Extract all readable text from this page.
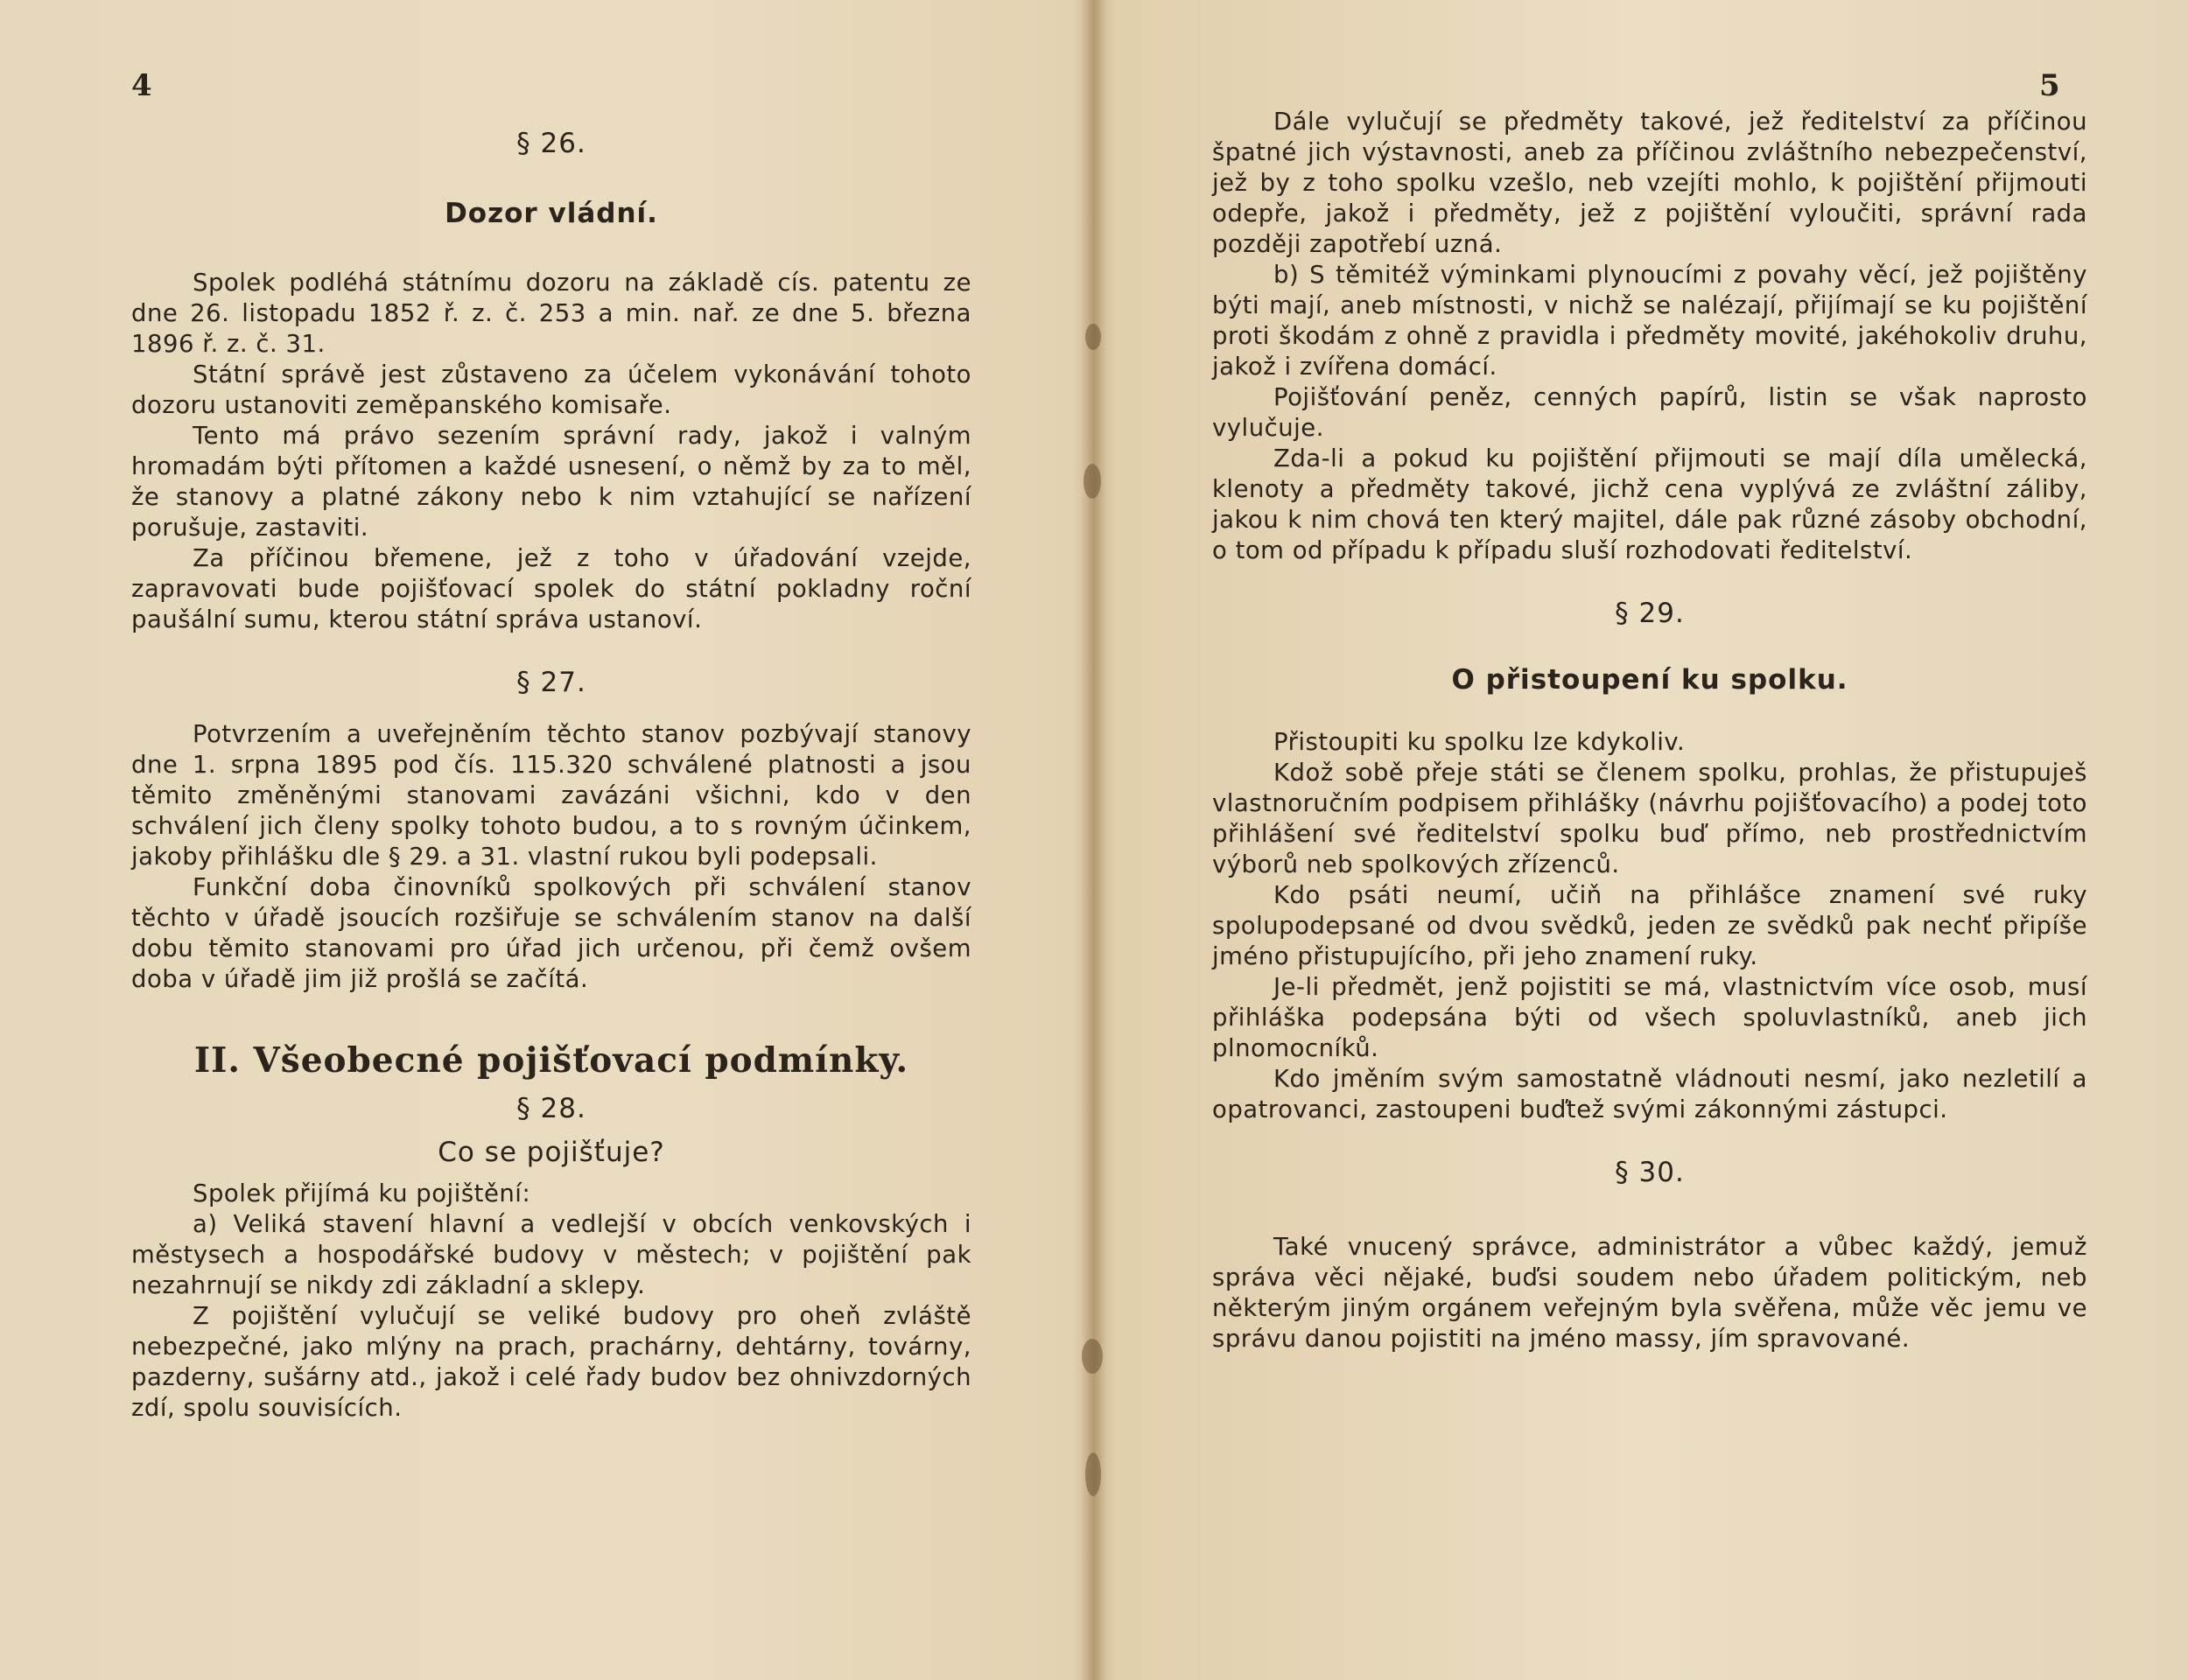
4
§ 26.
Dozor vládní.

Spolek podléhá státnímu dozoru na základě cís. patentu ze dne 26. listopadu 1852 ř. z. č. 253 a min. nař. ze dne 5. března 1896 ř. z. č. 31.

Státní správě jest zůstaveno za účelem vykonávání tohoto dozoru ustanoviti zeměpanského komisaře.

Tento má právo sezením správní rady, jakož i valným hromadám býti přítomen a každé usnesení, o němž by za to měl, že stanovy a platné zákony nebo k nim vztahující se nařízení porušuje, zastaviti.

Za příčinou břemene, jež z toho v úřadování vzejde, zapravovati bude pojišťovací spolek do státní pokladny roční paušální sumu, kterou státní správa ustanoví.

§ 27.

Potvrzením a uveřejněním těchto stanov pozbývají stanovy dne 1. srpna 1895 pod čís. 115.320 schválené platnosti a jsou těmito změněnými stanovami zavázáni všichni, kdo v den schválení jich členy spolky tohoto budou, a to s rovným účinkem, jakoby přihlášku dle § 29. a 31. vlastní rukou byli podepsali.

Funkční doba činovníků spolkových při schválení stanov těchto v úřadě jsoucích rozšiřuje se schválením stanov na další dobu těmito stanovami pro úřad jich určenou, při čemž ovšem doba v úřadě jim již prošlá se začítá.

II. Všeobecné pojišťovací podmínky.
§ 28.
Co se pojišťuje?

Spolek přijímá ku pojištění:

a) Veliká stavení hlavní a vedlejší v obcích venkovských i městysech a hospodářské budovy v městech; v pojištění pak nezahrnují se nikdy zdi základní a sklepy.

Z pojištění vylučují se veliké budovy pro oheň zvláště nebezpečné, jako mlýny na prach, prachárny, dehtárny, továrny, pazderny, sušárny atd., jakož i celé řady budov bez ohnivzdorných zdí, spolu souvisících.

5

Dále vylučují se předměty takové, jež ředitelství za příčinou špatné jich výstavnosti, aneb za příčinou zvláštního nebezpečenství, jež by z toho spolku vzešlo, neb vzejíti mohlo, k pojištění přijmouti odepře, jakož i předměty, jež z pojištění vyloučiti, správní rada později zapotřebí uzná.

b) S těmitéž výminkami plynoucími z povahy věcí, jež pojištěny býti mají, aneb místnosti, v nichž se nalézají, přijímají se ku pojištění proti škodám z ohně z pravidla i předměty movité, jakéhokoliv druhu, jakož i zvířena domácí.

Pojišťování peněz, cenných papírů, listin se však naprosto vylučuje.

Zda-li a pokud ku pojištění přijmouti se mají díla umělecká, klenoty a předměty takové, jichž cena vyplývá ze zvláštní záliby, jakou k nim chová ten který majitel, dále pak různé zásoby obchodní, o tom od případu k případu sluší rozhodovati ředitelství.

§ 29.
O přistoupení ku spolku.

Přistoupiti ku spolku lze kdykoliv.

Kdož sobě přeje státi se členem spolku, prohlas, že přistupuješ vlastnoručním podpisem přihlášky (návrhu pojišťovacího) a podej toto přihlášení své ředitelství spolku buď přímo, neb prostřednictvím výborů neb spolkových zřízenců.

Kdo psáti neumí, učiň na přihlášce znamení své ruky spolupodepsané od dvou svědků, jeden ze svědků pak nechť připíše jméno přistupujícího, při jeho znamení ruky.

Je-li předmět, jenž pojistiti se má, vlastnictvím více osob, musí přihláška podepsána býti od všech spoluvlastníků, aneb jich plnomocníků.

Kdo jměním svým samostatně vládnouti nesmí, jako nezletilí a opatrovanci, zastoupeni buďtež svými zákonnými zástupci.

§ 30.

Také vnucený správce, administrátor a vůbec každý, jemuž správa věci nějaké, buďsi soudem nebo úřadem politickým, neb některým jiným orgánem veřejným byla svěřena, může věc jemu ve správu danou pojistiti na jméno massy, jím spravované.
